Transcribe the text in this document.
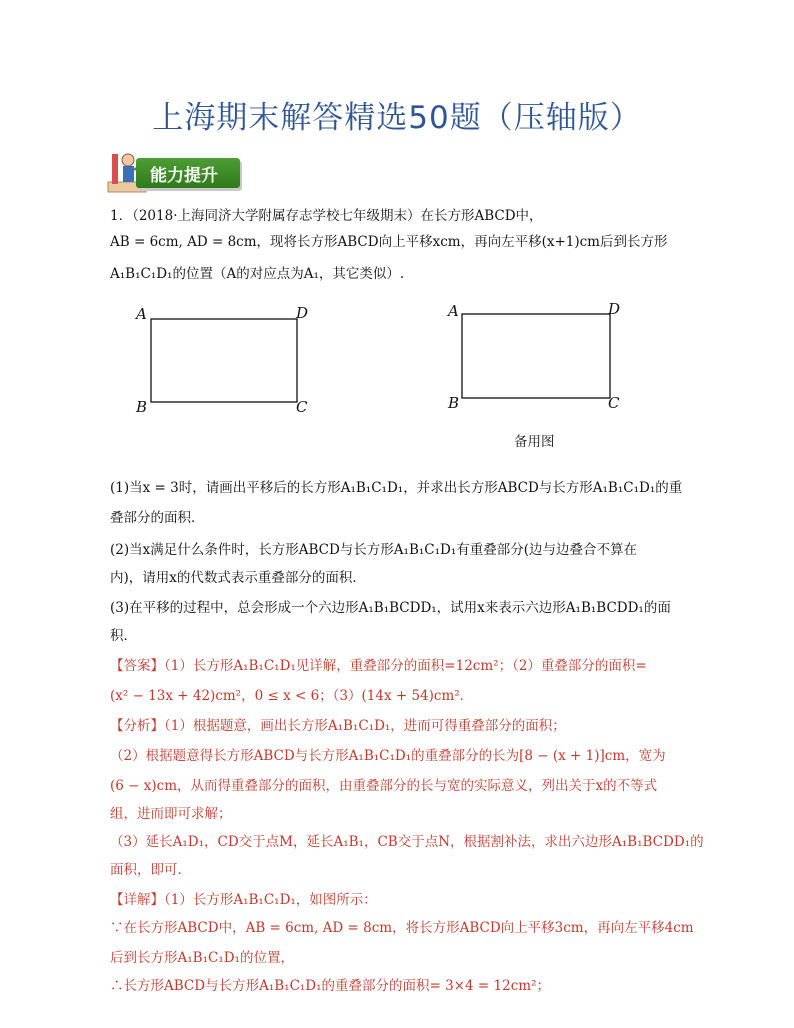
上海期末解答精选50题（压轴版）
能力提升
1．（2018·上海同济大学附属存志学校七年级期末）在长方形ABCD中，
AB = 6cm, AD = 8cm，现将长方形ABCD向上平移xcm，再向左平移(x+1)cm后到长方形
A₁B₁C₁D₁的位置（A的对应点为A₁，其它类似）.
A	D
B	C
A	D
B	C
备用图
(1)当x = 3时，请画出平移后的长方形A₁B₁C₁D₁，并求出长方形ABCD与长方形A₁B₁C₁D₁的重
叠部分的面积．
(2)当x满足什么条件时，长方形ABCD与长方形A₁B₁C₁D₁有重叠部分(边与边叠合不算在
内)，请用x的代数式表示重叠部分的面积．
(3)在平移的过程中，总会形成一个六边形A₁B₁BCDD₁，试用x来表示六边形A₁B₁BCDD₁的面
积．
【答案】（1）长方形A₁B₁C₁D₁见详解，重叠部分的面积=12cm²；（2）重叠部分的面积=
(x² − 13x + 42)cm²，0 ≤ x < 6；（3）(14x + 54)cm²．
【分析】（1）根据题意，画出长方形A₁B₁C₁D₁，进而可得重叠部分的面积；
（2）根据题意得长方形ABCD与长方形A₁B₁C₁D₁的重叠部分的长为[8 − (x + 1)]cm，宽为
(6 − x)cm，从而得重叠部分的面积，由重叠部分的长与宽的实际意义，列出关于x的不等式
组，进而即可求解；
（3）延长A₁D₁，CD交于点M，延长A₁B₁，CB交于点N，根据割补法，求出六边形A₁B₁BCDD₁的
面积，即可．
【详解】（1）长方形A₁B₁C₁D₁，如图所示：
∵在长方形ABCD中，AB = 6cm, AD = 8cm，将长方形ABCD向上平移3cm，再向左平移4cm
后到长方形A₁B₁C₁D₁的位置，
∴长方形ABCD与长方形A₁B₁C₁D₁的重叠部分的面积= 3×4 = 12cm²；
